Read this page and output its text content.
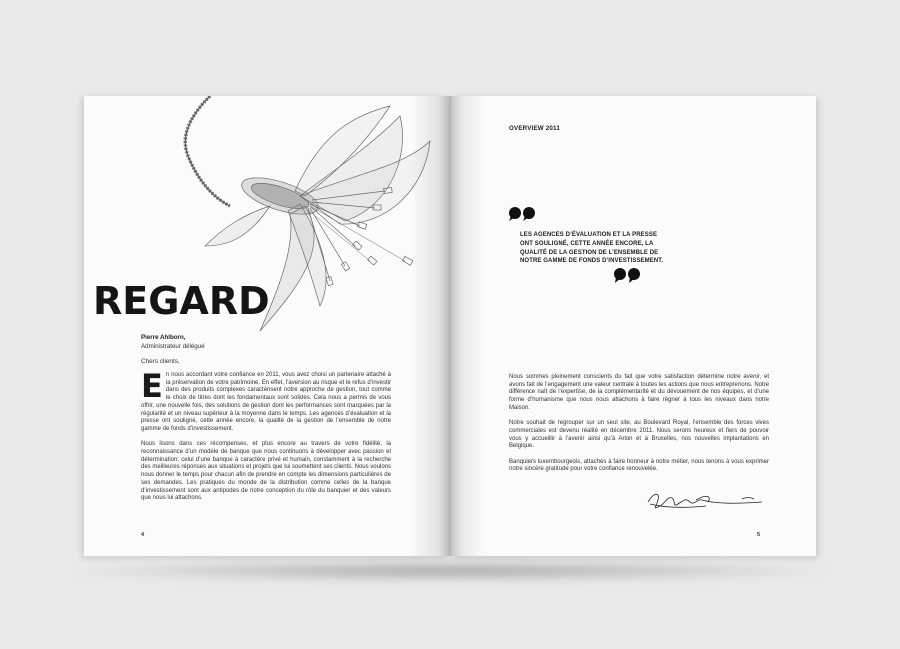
REGARD
Pierre Ahlborn,
Administrateur délégué
Chers clients,

En nous accordant votre confiance en 2011, vous avez choisi un partenaire attaché à la préservation de votre patrimoine. En effet, l’aversion au risque et le refus d’investir dans des produits complexes caractérisent notre approche de gestion, tout comme le choix de titres dont les fondamentaux sont solides. Cela nous a permis de vous offrir, une nouvelle fois, des solutions de gestion dont les performances sont marquées par la régularité et un niveau supérieur à la moyenne dans le temps. Les agences d’évaluation et la presse ont souligné, cette année encore, la qualité de la gestion de l’ensemble de notre gamme de fonds d’investissement.

Nous lisons dans ces récompenses, et plus encore au travers de votre fidélité, la reconnaissance d’un modèle de banque que nous continuons à développer avec passion et détermination: celui d’une banque à caractère privé et humain, constamment à la recherche des meilleures réponses aux situations et projets que lui soumettent ses clients. Nous voulons nous donner le temps pour chacun afin de prendre en compte les dimensions particulières de ses demandes. Les pratiques du monde de la distribution comme celles de la banque d’investissement sont aux antipodes de notre conception du rôle du banquier et des valeurs que nous lui attachons.

4
OVERVIEW 2011
LES AGENCES D’ÉVALUATION ET LA PRESSE ONT SOULIGNÉ, CETTE ANNÉE ENCORE, LA QUALITÉ DE LA GESTION DE L’ENSEMBLE DE NOTRE GAMME DE FONDS D’INVESTISSEMENT.

Nous sommes pleinement conscients du fait que votre satisfaction détermine notre avenir, et avons fait de l’engagement une valeur centrale à toutes les actions que nous entreprenons. Notre différence naît de l’expertise, de la complémentarité et du dévouement de nos équipes, et d’une forme d’humanisme que nous nous attachons à faire régner à tous les niveaux dans notre Maison.

Notre souhait de regrouper sur un seul site, au Boulevard Royal, l’ensemble des forces vives commerciales est devenu réalité en décembre 2011. Nous serons heureux et fiers de pouvoir vous y accueillir à l’avenir ainsi qu’à Arlon et à Bruxelles, nos nouvelles implantations en Belgique.

Banquiers luxembourgeois, attachés à faire honneur à notre métier, nous tenons à vous exprimer notre sincère gratitude pour votre confiance renouvelée.

5
